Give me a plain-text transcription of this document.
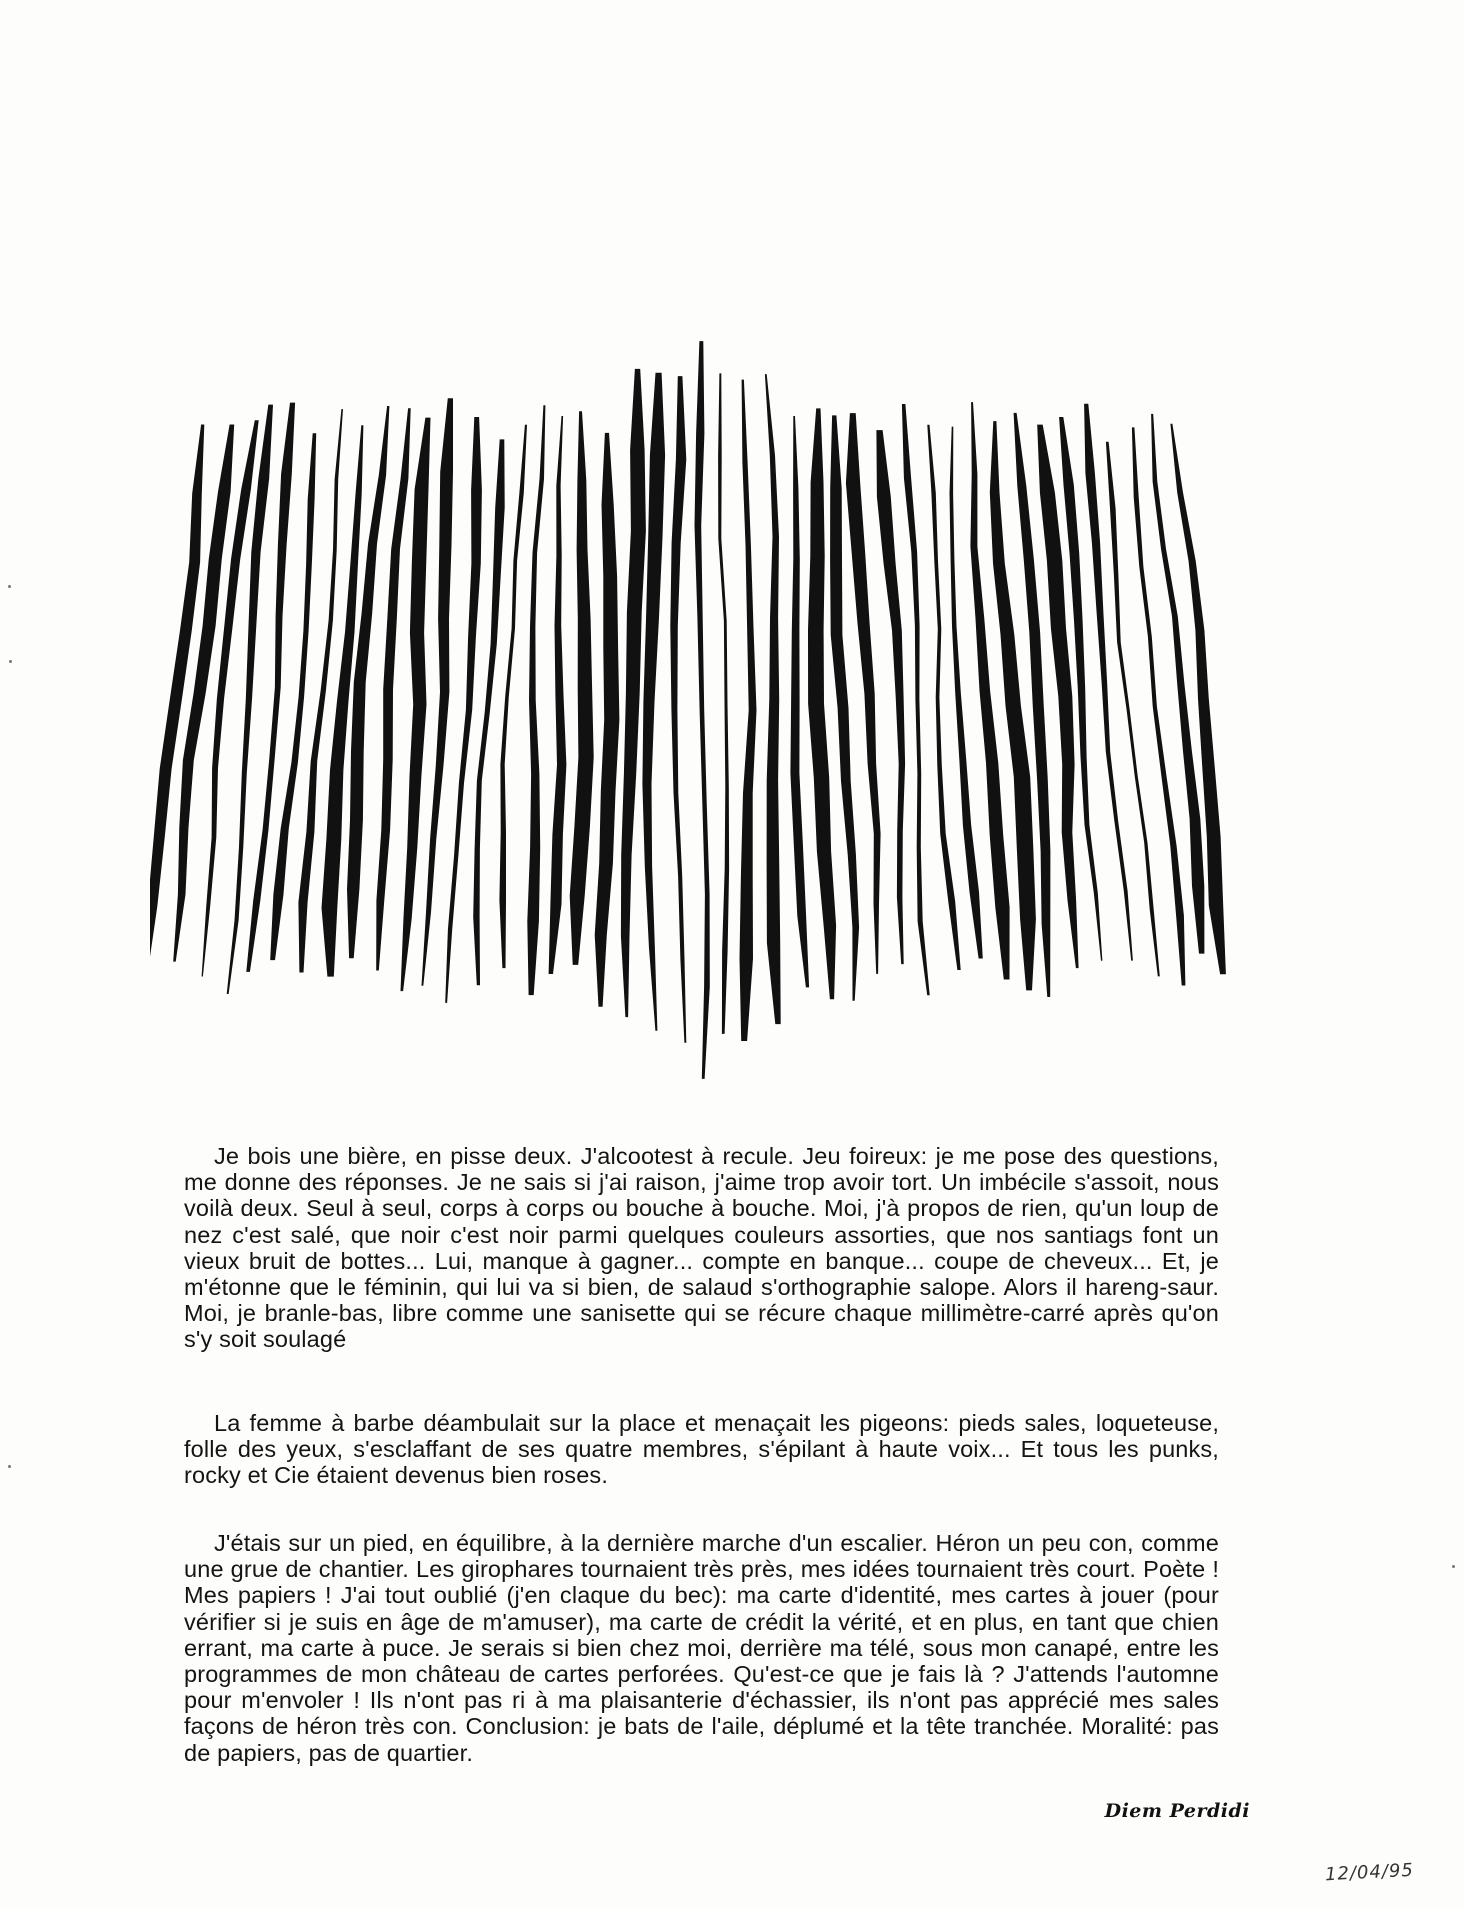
Je bois une bière, en pisse deux. J'alcootest à recule. Jeu foireux: je me pose des questions, me donne des réponses. Je ne sais si j'ai raison, j'aime trop avoir tort. Un imbécile s'assoit, nous voilà deux. Seul à seul, corps à corps ou bouche à bouche. Moi, j'à propos de rien, qu'un loup de nez c'est salé, que noir c'est noir parmi quelques couleurs assorties, que nos santiags font un vieux bruit de bottes... Lui, manque à gagner... compte en banque... coupe de cheveux... Et, je m'étonne que le féminin, qui lui va si bien, de salaud s'orthographie salope. Alors il hareng-saur. Moi, je branle-bas, libre comme une sanisette qui se récure chaque millimètre-carré après qu'on s'y soit soulagé

La femme à barbe déambulait sur la place et menaçait les pigeons: pieds sales, loqueteuse, folle des yeux, s'esclaffant de ses quatre membres, s'épilant à haute voix... Et tous les punks, rocky et Cie étaient devenus bien roses.

J'étais sur un pied, en équilibre, à la dernière marche d'un escalier. Héron un peu con, comme une grue de chantier. Les girophares tournaient très près, mes idées tournaient très court. Poète ! Mes papiers ! J'ai tout oublié (j'en claque du bec): ma carte d'identité, mes cartes à jouer (pour vérifier si je suis en âge de m'amuser), ma carte de crédit la vérité, et en plus, en tant que chien errant, ma carte à puce. Je serais si bien chez moi, derrière ma télé, sous mon canapé, entre les programmes de mon château de cartes perforées. Qu'est-ce que je fais là ? J'attends l'automne pour m'envoler ! Ils n'ont pas ri à ma plaisanterie d'échassier, ils n'ont pas apprécié mes sales façons de héron très con. Conclusion: je bats de l'aile, déplumé et la tête tranchée. Moralité: pas de papiers, pas de quartier.

Diem Perdidi
12/04/95
